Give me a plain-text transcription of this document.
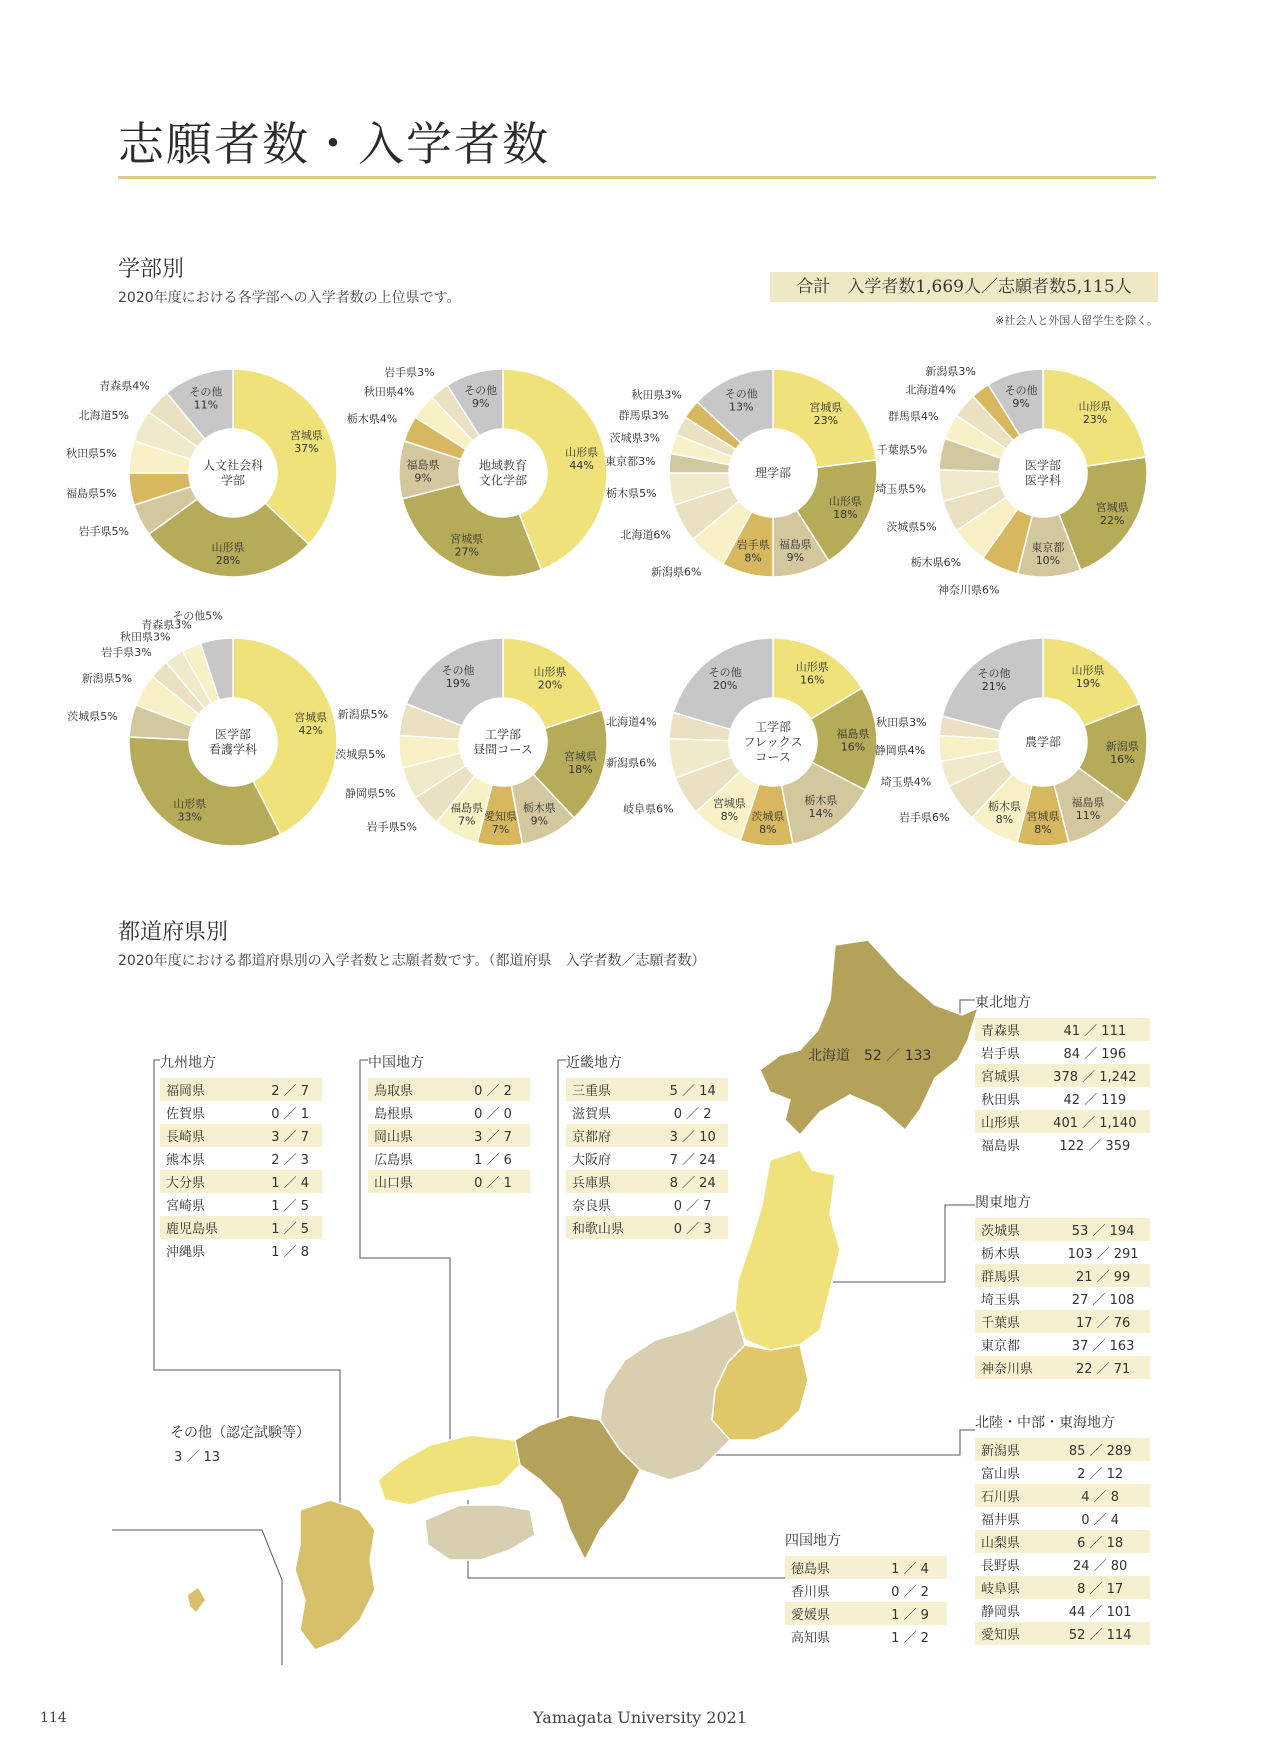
志願者数・入学者数
学部別
2020年度における各学部への入学者数の上位県です。
合計　入学者数1,669人／志願者数5,115人
※社会人と外国人留学生を除く。
宮城県 37%
山形県 28%
岩手県5%
福島県5%
秋田県5%
北海道5%
青森県4%	その他 11%
人文社会科学部
山形県 44%
宮城県 27%
福島県 9%
栃木県4%
秋田県4%
岩手県3%
その他 9%
地域教育文化学部
宮城県 23%
山形県 18%
福島県 9%
岩手県 8%
新潟県6%
北海道6%
栃木県5%
東京都3%
茨城県3%
群馬県3%
秋田県3%	その他 13%
理学部
山形県 23%
宮城県 22%
東京都 10%
神奈川県6%
栃木県6%
茨城県5%
埼玉県5%
千葉県5%
群馬県4%
北海道4%
新潟県3%
その他 9%
医学部医学科
宮城県 42%
山形県 33%
茨城県5%
新潟県5%
岩手県3%
秋田県3%
青森県3%
その他5%
医学部看護学科
山形県 20%
宮城県 18%
栃木県 9%
愛知県 7%
福島県 7%
岩手県5%
静岡県5%
茨城県5%
新潟県5%
その他 19%
工学部昼間コース
山形県 16%
福島県 16%
栃木県 14%
茨城県 8%
宮城県 8%
岐阜県6%
新潟県6%
北海道4%
その他 20%
工学部フレックスコース
山形県 19%
新潟県 16%
福島県 11%
宮城県 8%
栃木県 8%
岩手県6%
埼玉県4%
静岡県4%
秋田県3%
その他 21%
農学部
都道府県別
2020年度における都道府県別の入学者数と志願者数です。（都道府県　入学者数／志願者数）
北海道　52 ／ 133
その他（認定試験等）
3 ／ 13
九州地方
福岡県	2 ／ 7
佐賀県	0 ／ 1
長崎県	3 ／ 7
熊本県	2 ／ 3
大分県	1 ／ 4
宮崎県	1 ／ 5
鹿児島県	1 ／ 5
沖縄県	1 ／ 8
中国地方
鳥取県	0 ／ 2
島根県	0 ／ 0
岡山県	3 ／ 7
広島県	1 ／ 6
山口県	0 ／ 1
近畿地方
三重県	5 ／ 14
滋賀県	0 ／ 2
京都府	3 ／ 10
大阪府	7 ／ 24
兵庫県	8 ／ 24
奈良県	0 ／ 7
和歌山県	0 ／ 3
東北地方
青森県	41 ／ 111
岩手県	84 ／ 196
宮城県	378 ／ 1,242
秋田県	42 ／ 119
山形県	401 ／ 1,140
福島県	122 ／ 359
関東地方
茨城県	53 ／ 194
栃木県	103 ／ 291
群馬県	21 ／ 99
埼玉県	27 ／ 108
千葉県	17 ／ 76
東京都	37 ／ 163
神奈川県	22 ／ 71
北陸・中部・東海地方
新潟県	85 ／ 289
富山県	2 ／ 12
石川県	4 ／ 8
福井県	0 ／ 4
山梨県	6 ／ 18
長野県	24 ／ 80
岐阜県	8 ／ 17
静岡県	44 ／ 101
愛知県	52 ／ 114
四国地方
徳島県	1 ／ 4
香川県	0 ／ 2
愛媛県	1 ／ 9
高知県	1 ／ 2
114	Yamagata University 2021
